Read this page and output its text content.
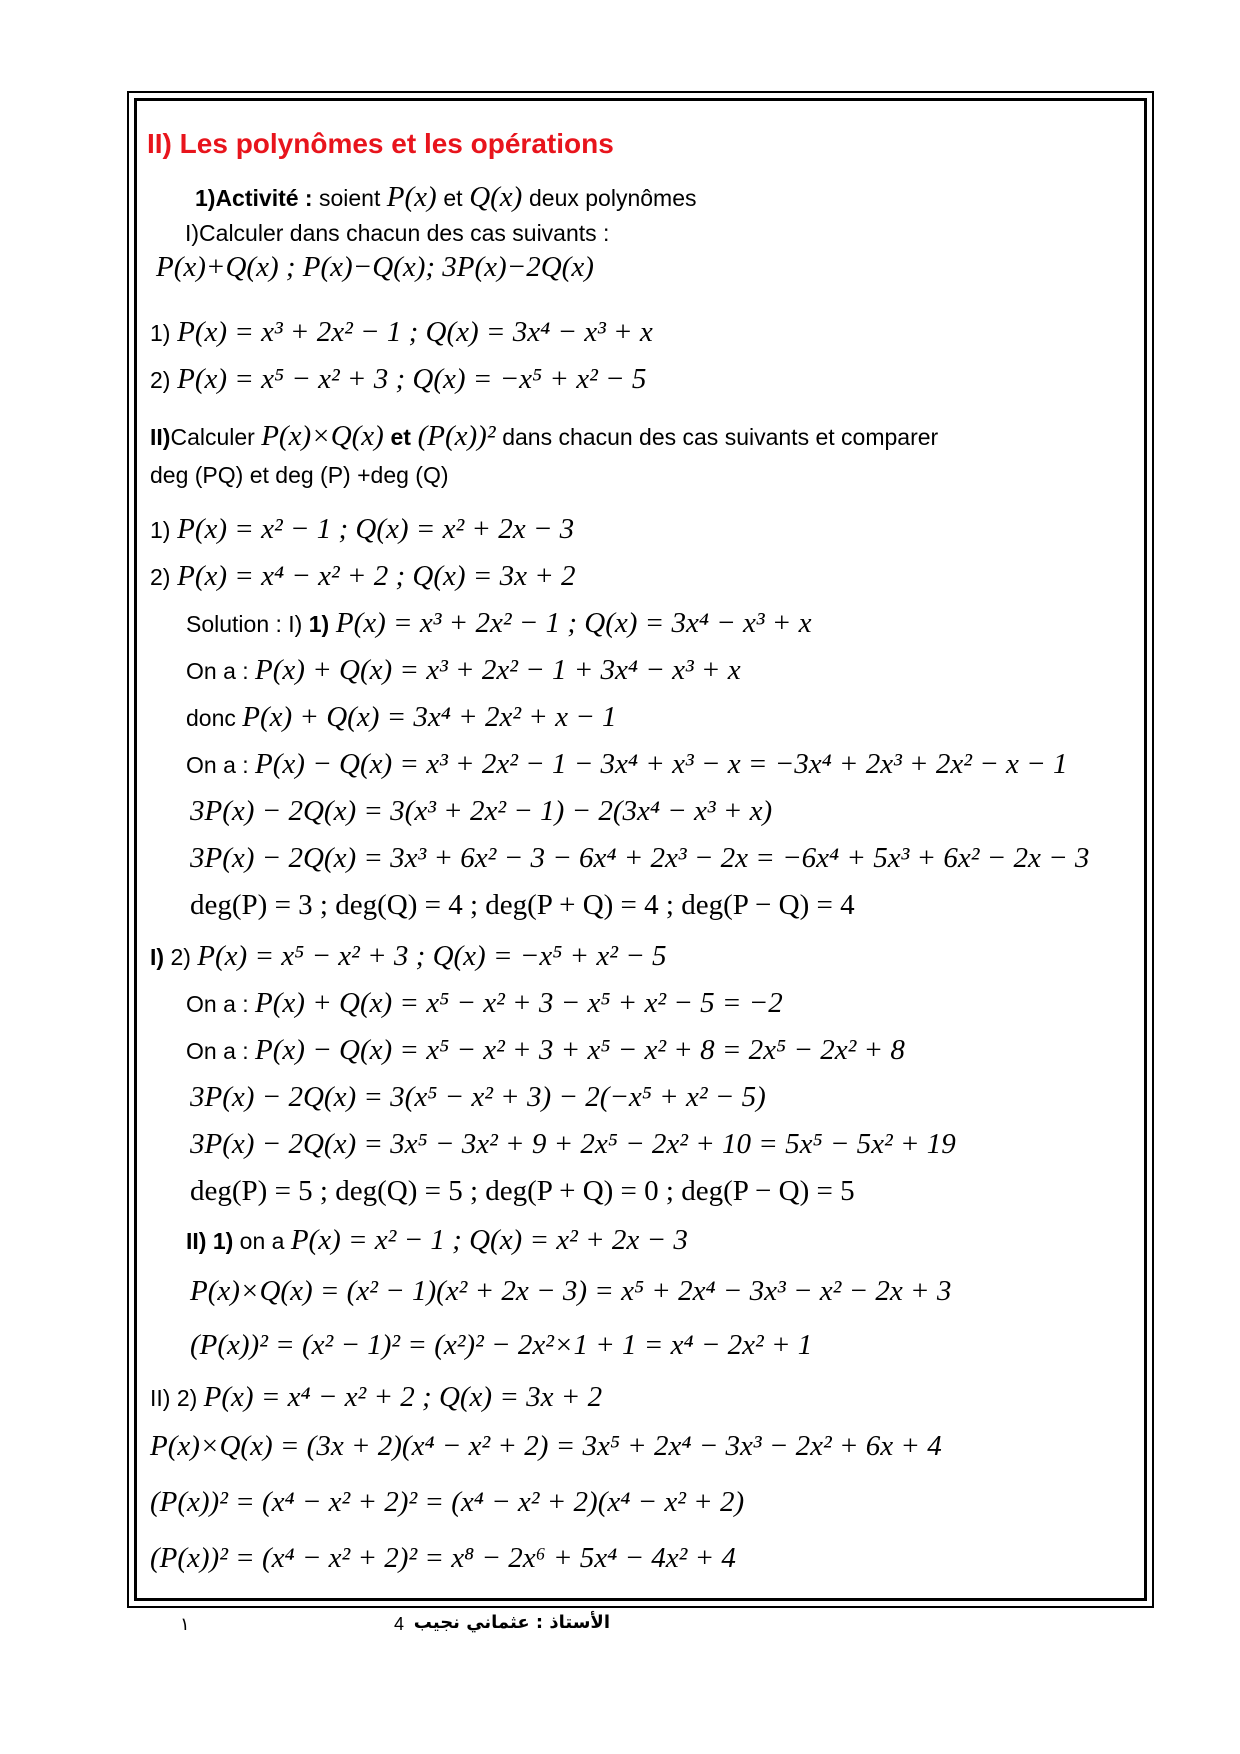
II) Les polynômes et les opérations
1)Activité : soient P(x) et Q(x) deux polynômes
I)Calculer dans chacun des cas suivants :
P(x)+Q(x) ; P(x)−Q(x); 3P(x)−2Q(x)
1) P(x) = x³ + 2x² − 1 ; Q(x) = 3x⁴ − x³ + x
2) P(x) = x⁵ − x² + 3 ; Q(x) = −x⁵ + x² − 5
II)Calculer P(x)×Q(x) et (P(x))² dans chacun des cas suivants et comparer
deg (PQ) et deg (P) +deg (Q)
1) P(x) = x² − 1 ; Q(x) = x² + 2x − 3
2) P(x) = x⁴ − x² + 2 ; Q(x) = 3x + 2
Solution : I) 1) P(x) = x³ + 2x² − 1 ; Q(x) = 3x⁴ − x³ + x
On a : P(x) + Q(x) = x³ + 2x² − 1 + 3x⁴ − x³ + x
donc P(x) + Q(x) = 3x⁴ + 2x² + x − 1
On a : P(x) − Q(x) = x³ + 2x² − 1 − 3x⁴ + x³ − x = −3x⁴ + 2x³ + 2x² − x − 1
3P(x) − 2Q(x) = 3(x³ + 2x² − 1) − 2(3x⁴ − x³ + x)
3P(x) − 2Q(x) = 3x³ + 6x² − 3 − 6x⁴ + 2x³ − 2x = −6x⁴ + 5x³ + 6x² − 2x − 3
deg(P) = 3 ; deg(Q) = 4 ; deg(P + Q) = 4 ; deg(P − Q) = 4
I) 2) P(x) = x⁵ − x² + 3 ; Q(x) = −x⁵ + x² − 5
On a : P(x) + Q(x) = x⁵ − x² + 3 − x⁵ + x² − 5 = −2
On a : P(x) − Q(x) = x⁵ − x² + 3 + x⁵ − x² + 8 = 2x⁵ − 2x² + 8
3P(x) − 2Q(x) = 3(x⁵ − x² + 3) − 2(−x⁵ + x² − 5)
3P(x) − 2Q(x) = 3x⁵ − 3x² + 9 + 2x⁵ − 2x² + 10 = 5x⁵ − 5x² + 19
deg(P) = 5 ; deg(Q) = 5 ; deg(P + Q) = 0 ; deg(P − Q) = 5
II) 1) on a P(x) = x² − 1 ; Q(x) = x² + 2x − 3
P(x)×Q(x) = (x² − 1)(x² + 2x − 3) = x⁵ + 2x⁴ − 3x³ − x² − 2x + 3
(P(x))² = (x² − 1)² = (x²)² − 2x²×1 + 1 = x⁴ − 2x² + 1
II) 2) P(x) = x⁴ − x² + 2 ; Q(x) = 3x + 2
P(x)×Q(x) = (3x + 2)(x⁴ − x² + 2) = 3x⁵ + 2x⁴ − 3x³ − 2x² + 6x + 4
(P(x))² = (x⁴ − x² + 2)² = (x⁴ − x² + 2)(x⁴ − x² + 2)
(P(x))² = (x⁴ − x² + 2)² = x⁸ − 2x⁶ + 5x⁴ − 4x² + 4
١	4 الأستاذ : عثماني نجيب
